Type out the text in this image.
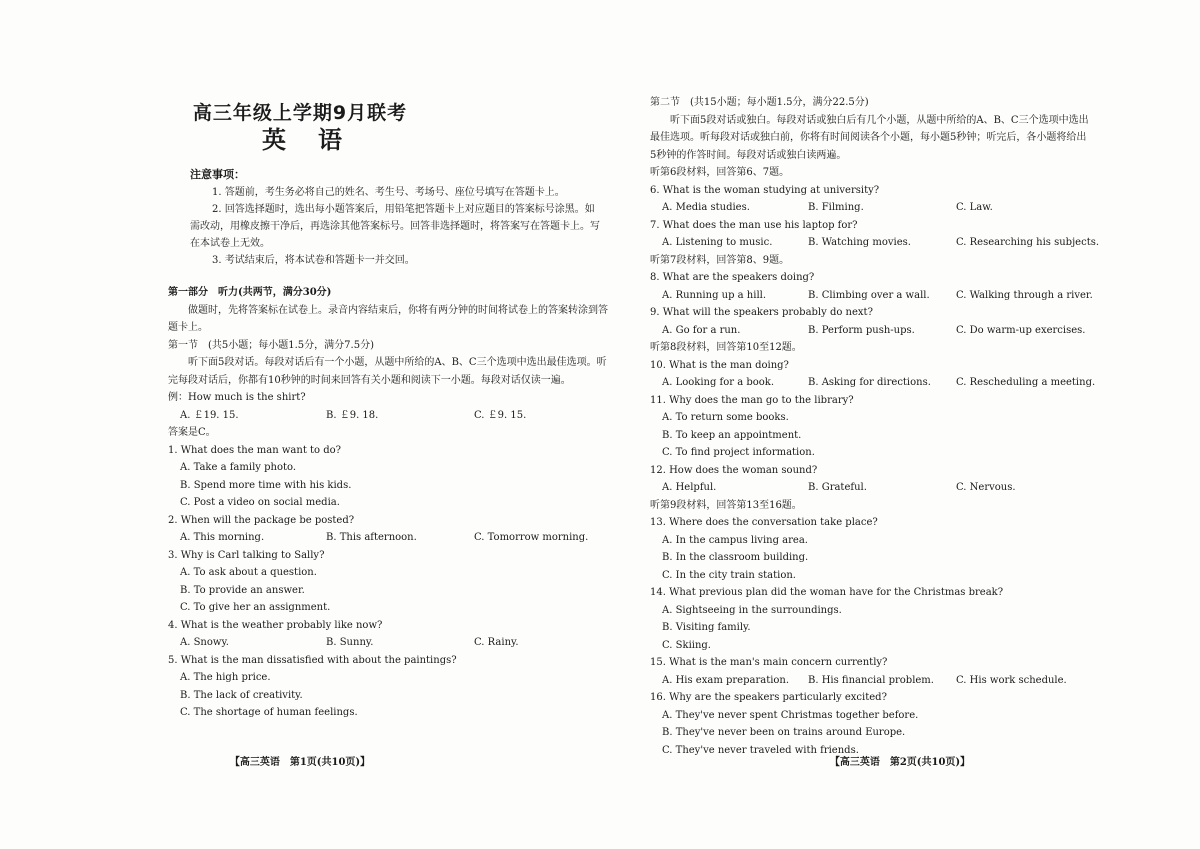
高三年级上学期9月联考
英语
注意事项：
1. 答题前，考生务必将自己的姓名、考生号、考场号、座位号填写在答题卡上。
2. 回答选择题时，选出每小题答案后，用铅笔把答题卡上对应题目的答案标号涂黑。如需改动，用橡皮擦干净后，再选涂其他答案标号。回答非选择题时，将答案写在答题卡上。写在本试卷上无效。
3. 考试结束后，将本试卷和答题卡一并交回。
第一部分　听力(共两节，满分30分)
做题时，先将答案标在试卷上。录音内容结束后，你将有两分钟的时间将试卷上的答案转涂到答题卡上。
第一节　(共5小题；每小题1.5分，满分7.5分)
听下面5段对话。每段对话后有一个小题，从题中所给的A、B、C三个选项中选出最佳选项。听完每段对话后，你都有10秒钟的时间来回答有关小题和阅读下一小题。每段对话仅读一遍。
例：How much is the shirt?
A. ￡19. 15.	B. ￡9. 18.	C. ￡9. 15.
答案是C。
1. What does the man want to do?
A. Take a family photo.
B. Spend more time with his kids.
C. Post a video on social media.
2. When will the package be posted?
A. This morning.	B. This afternoon.	C. Tomorrow morning.
3. Why is Carl talking to Sally?
A. To ask about a question.
B. To provide an answer.
C. To give her an assignment.
4. What is the weather probably like now?
A. Snowy.	B. Sunny.	C. Rainy.
5. What is the man dissatisfied with about the paintings?
A. The high price.
B. The lack of creativity.
C. The shortage of human feelings.
【高三英语　第1页(共10页)】
第二节　(共15小题；每小题1.5分，满分22.5分)
听下面5段对话或独白。每段对话或独白后有几个小题，从题中所给的A、B、C三个选项中选出最佳选项。听每段对话或独白前，你将有时间阅读各个小题，每小题5秒钟；听完后，各小题将给出5秒钟的作答时间。每段对话或独白读两遍。
听第6段材料，回答第6、7题。
6. What is the woman studying at university?
A. Media studies.	B. Filming.	C. Law.
7. What does the man use his laptop for?
A. Listening to music.	B. Watching movies.	C. Researching his subjects.
听第7段材料，回答第8、9题。
8. What are the speakers doing?
A. Running up a hill.	B. Climbing over a wall.	C. Walking through a river.
9. What will the speakers probably do next?
A. Go for a run.	B. Perform push-ups.	C. Do warm-up exercises.
听第8段材料，回答第10至12题。
10. What is the man doing?
A. Looking for a book.	B. Asking for directions.	C. Rescheduling a meeting.
11. Why does the man go to the library?
A. To return some books.
B. To keep an appointment.
C. To find project information.
12. How does the woman sound?
A. Helpful.	B. Grateful.	C. Nervous.
听第9段材料，回答第13至16题。
13. Where does the conversation take place?
A. In the campus living area.
B. In the classroom building.
C. In the city train station.
14. What previous plan did the woman have for the Christmas break?
A. Sightseeing in the surroundings.
B. Visiting family.
C. Skiing.
15. What is the man's main concern currently?
A. His exam preparation. B. His financial problem. C. His work schedule.
16. Why are the speakers particularly excited?
A. They've never spent Christmas together before.
B. They've never been on trains around Europe.
C. They've never traveled with friends.
【高三英语　第2页(共10页)】
